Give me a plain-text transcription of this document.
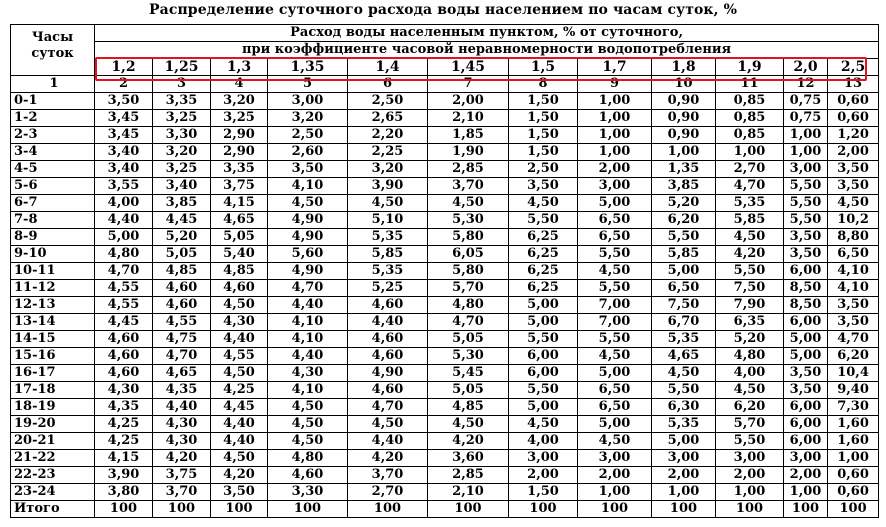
Распределение суточного расхода воды населением по часам суток, %
Часы
суток	Расход воды населенным пунктом, % от суточного,											

	при коэффициенте часовой неравномерности водопотребления											

	1,2	1,25	1,3	1,35	1,4	1,45	1,5	1,7	1,8	1,9	2,0	2,5
1	2	3	4	5	6	7	8	9	10	11	12	13
0-1	3,50	3,35	3,20	3,00	2,50	2,00	1,50	1,00	0,90	0,85	0,75	0,60
1-2	3,45	3,25	3,25	3,20	2,65	2,10	1,50	1,00	0,90	0,85	0,75	0,60
2-3	3,45	3,30	2,90	2,50	2,20	1,85	1,50	1,00	0,90	0,85	1,00	1,20
3-4	3,40	3,20	2,90	2,60	2,25	1,90	1,50	1,00	1,00	1,00	1,00	2,00
4-5	3,40	3,25	3,35	3,50	3,20	2,85	2,50	2,00	1,35	2,70	3,00	3,50
5-6	3,55	3,40	3,75	4,10	3,90	3,70	3,50	3,00	3,85	4,70	5,50	3,50
6-7	4,00	3,85	4,15	4,50	4,50	4,50	4,50	5,00	5,20	5,35	5,50	4,50
7-8	4,40	4,45	4,65	4,90	5,10	5,30	5,50	6,50	6,20	5,85	5,50	10,2
8-9	5,00	5,20	5,05	4,90	5,35	5,80	6,25	6,50	5,50	4,50	3,50	8,80
9-10	4,80	5,05	5,40	5,60	5,85	6,05	6,25	5,50	5,85	4,20	3,50	6,50
10-11	4,70	4,85	4,85	4,90	5,35	5,80	6,25	4,50	5,00	5,50	6,00	4,10
11-12	4,55	4,60	4,60	4,70	5,25	5,70	6,25	5,50	6,50	7,50	8,50	4,10
12-13	4,55	4,60	4,50	4,40	4,60	4,80	5,00	7,00	7,50	7,90	8,50	3,50
13-14	4,45	4,55	4,30	4,10	4,40	4,70	5,00	7,00	6,70	6,35	6,00	3,50
14-15	4,60	4,75	4,40	4,10	4,60	5,05	5,50	5,50	5,35	5,20	5,00	4,70
15-16	4,60	4,70	4,55	4,40	4,60	5,30	6,00	4,50	4,65	4,80	5,00	6,20
16-17	4,60	4,65	4,50	4,30	4,90	5,45	6,00	5,00	4,50	4,00	3,50	10,4
17-18	4,30	4,35	4,25	4,10	4,60	5,05	5,50	6,50	5,50	4,50	3,50	9,40
18-19	4,35	4,40	4,45	4,50	4,70	4,85	5,00	6,50	6,30	6,20	6,00	7,30
19-20	4,25	4,30	4,40	4,50	4,50	4,50	4,50	5,00	5,35	5,70	6,00	1,60
20-21	4,25	4,30	4,40	4,50	4,40	4,20	4,00	4,50	5,00	5,50	6,00	1,60
21-22	4,15	4,20	4,50	4,80	4,20	3,60	3,00	3,00	3,00	3,00	3,00	1,00
22-23	3,90	3,75	4,20	4,60	3,70	2,85	2,00	2,00	2,00	2,00	2,00	0,60
23-24	3,80	3,70	3,50	3,30	2,70	2,10	1,50	1,00	1,00	1,00	1,00	0,60
Итого	100	100	100	100	100	100	100	100	100	100	100	100
